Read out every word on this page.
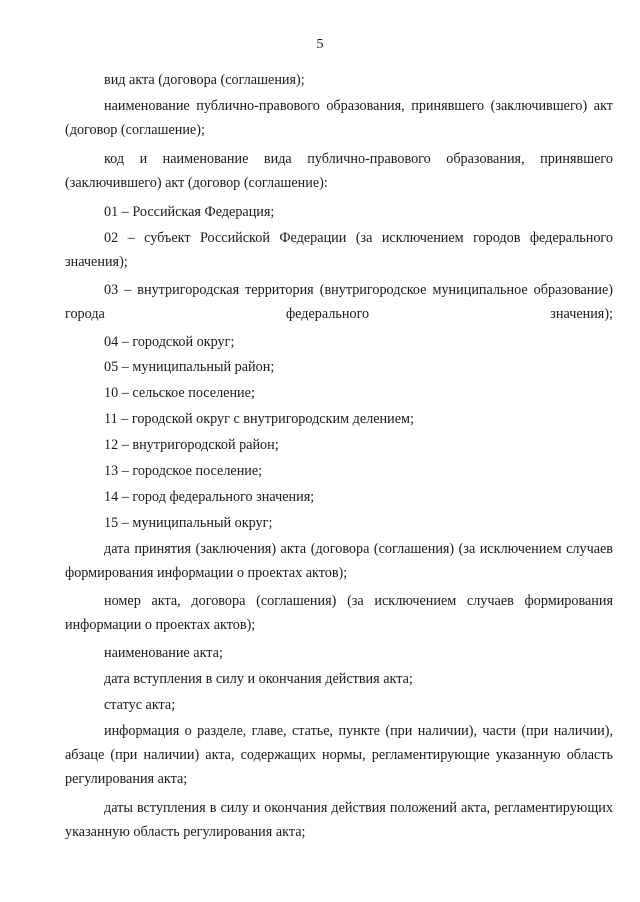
5

вид акта (договора (соглашения);

наименование публично-правового образования, принявшего (заключившего) акт (договор (соглашение);

код и наименование вида публично-правового образования, принявшего (заключившего) акт (договор (соглашение):

01 – Российская Федерация;

02 – субъект Российской Федерации (за исключением городов федерального значения);

03 – внутригородская территория (внутригородское муниципальное образование) города федерального значения);

04 – городской округ;

05 – муниципальный район;

10 – сельское поселение;

11 – городской округ с внутригородским делением;

12 – внутригородской район;

13 – городское поселение;

14 – город федерального значения;

15 – муниципальный округ;

дата принятия (заключения) акта (договора (соглашения) (за исключением случаев формирования информации о проектах актов);

номер акта, договора (соглашения) (за исключением случаев формирования информации о проектах актов);

наименование акта;

дата вступления в силу и окончания действия акта;

статус акта;

информация о разделе, главе, статье, пункте (при наличии), части (при наличии), абзаце (при наличии) акта, содержащих нормы, регламентирующие указанную область регулирования акта;

даты вступления в силу и окончания действия положений акта, регламентирующих указанную область регулирования акта;
